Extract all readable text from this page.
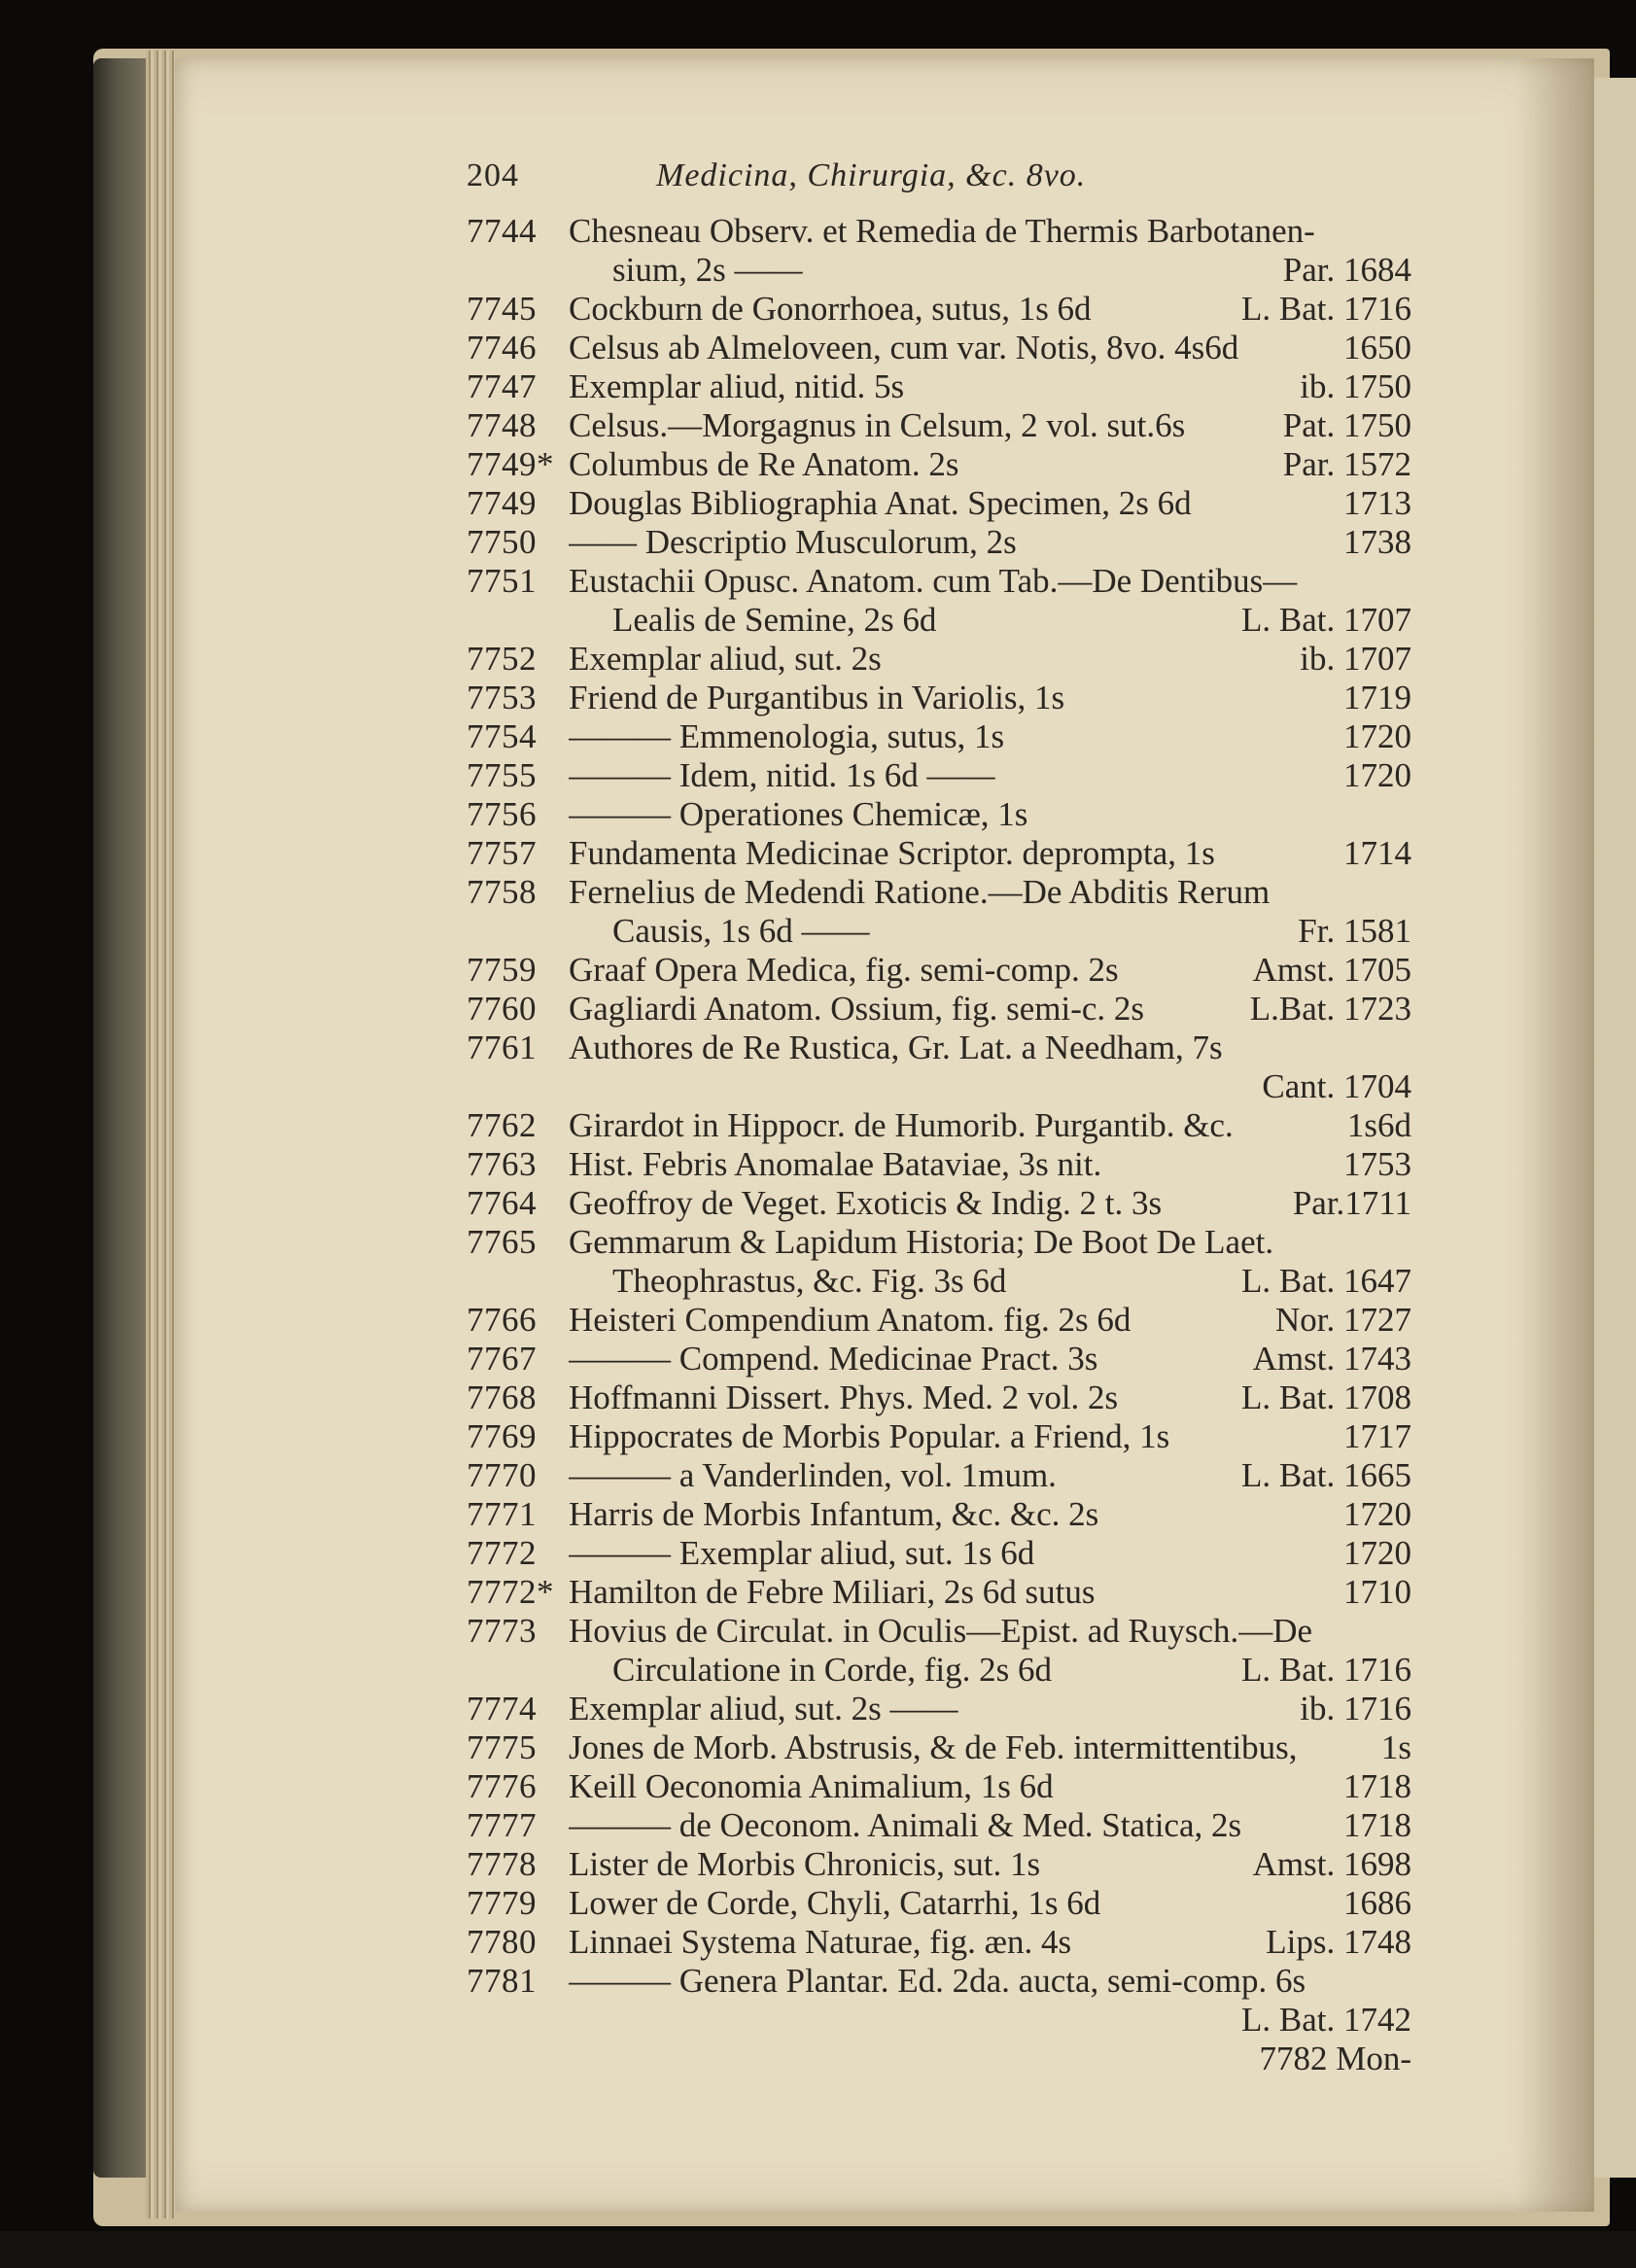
204	Medicina, Chirurgia, &c. 8vo.
7744 Chesneau Observ. et Remedia de Thermis Barbotanen-
sium, 2s ——	Par. 1684
7745 Cockburn de Gonorrhoea, sutus, 1s 6d	L. Bat. 1716
7746 Celsus ab Almeloveen, cum var. Notis, 8vo. 4s6d	1650
7747 Exemplar aliud, nitid. 5s	ib. 1750
7748 Celsus.—Morgagnus in Celsum, 2 vol. sut.6s	Pat. 1750
7749* Columbus de Re Anatom. 2s	Par. 1572
7749 Douglas Bibliographia Anat. Specimen, 2s 6d	1713
7750 —— Descriptio Musculorum, 2s	1738
7751 Eustachii Opusc. Anatom. cum Tab.—De Dentibus—
Lealis de Semine, 2s 6d	L. Bat. 1707
7752 Exemplar aliud, sut. 2s	ib. 1707
7753 Friend de Purgantibus in Variolis, 1s	1719
7754 ——— Emmenologia, sutus, 1s	1720
7755 ——— Idem, nitid. 1s 6d ——	1720
7756 ——— Operationes Chemicæ, 1s
7757 Fundamenta Medicinae Scriptor. deprompta, 1s	1714
7758 Fernelius de Medendi Ratione.—De Abditis Rerum
Causis, 1s 6d ——	Fr. 1581
7759 Graaf Opera Medica, fig. semi-comp. 2s	Amst. 1705
7760 Gagliardi Anatom. Ossium, fig. semi-c. 2s	L.Bat. 1723
7761 Authores de Re Rustica, Gr. Lat. a Needham, 7s
Cant. 1704
7762 Girardot in Hippocr. de Humorib. Purgantib. &c.	1s6d
7763 Hist. Febris Anomalae Bataviae, 3s nit.	1753
7764 Geoffroy de Veget. Exoticis & Indig. 2 t. 3s	Par.1711
7765 Gemmarum & Lapidum Historia; De Boot De Laet.
Theophrastus, &c. Fig. 3s 6d	L. Bat. 1647
7766 Heisteri Compendium Anatom. fig. 2s 6d	Nor. 1727
7767 ——— Compend. Medicinae Pract. 3s	Amst. 1743
7768 Hoffmanni Dissert. Phys. Med. 2 vol. 2s	L. Bat. 1708
7769 Hippocrates de Morbis Popular. a Friend, 1s	1717
7770 ——— a Vanderlinden, vol. 1mum.	L. Bat. 1665
7771 Harris de Morbis Infantum, &c. &c. 2s	1720
7772 ——— Exemplar aliud, sut. 1s 6d	1720
7772* Hamilton de Febre Miliari, 2s 6d sutus	1710
7773 Hovius de Circulat. in Oculis—Epist. ad Ruysch.—De
Circulatione in Corde, fig. 2s 6d	L. Bat. 1716
7774 Exemplar aliud, sut. 2s ——	ib. 1716
7775 Jones de Morb. Abstrusis, & de Feb. intermittentibus,	1s
7776 Keill Oeconomia Animalium, 1s 6d	1718
7777 ——— de Oeconom. Animali & Med. Statica, 2s	1718
7778 Lister de Morbis Chronicis, sut. 1s	Amst. 1698
7779 Lower de Corde, Chyli, Catarrhi, 1s 6d	1686
7780 Linnaei Systema Naturae, fig. æn. 4s	Lips. 1748
7781 ——— Genera Plantar. Ed. 2da. aucta, semi-comp. 6s
L. Bat. 1742
7782 Mon-
